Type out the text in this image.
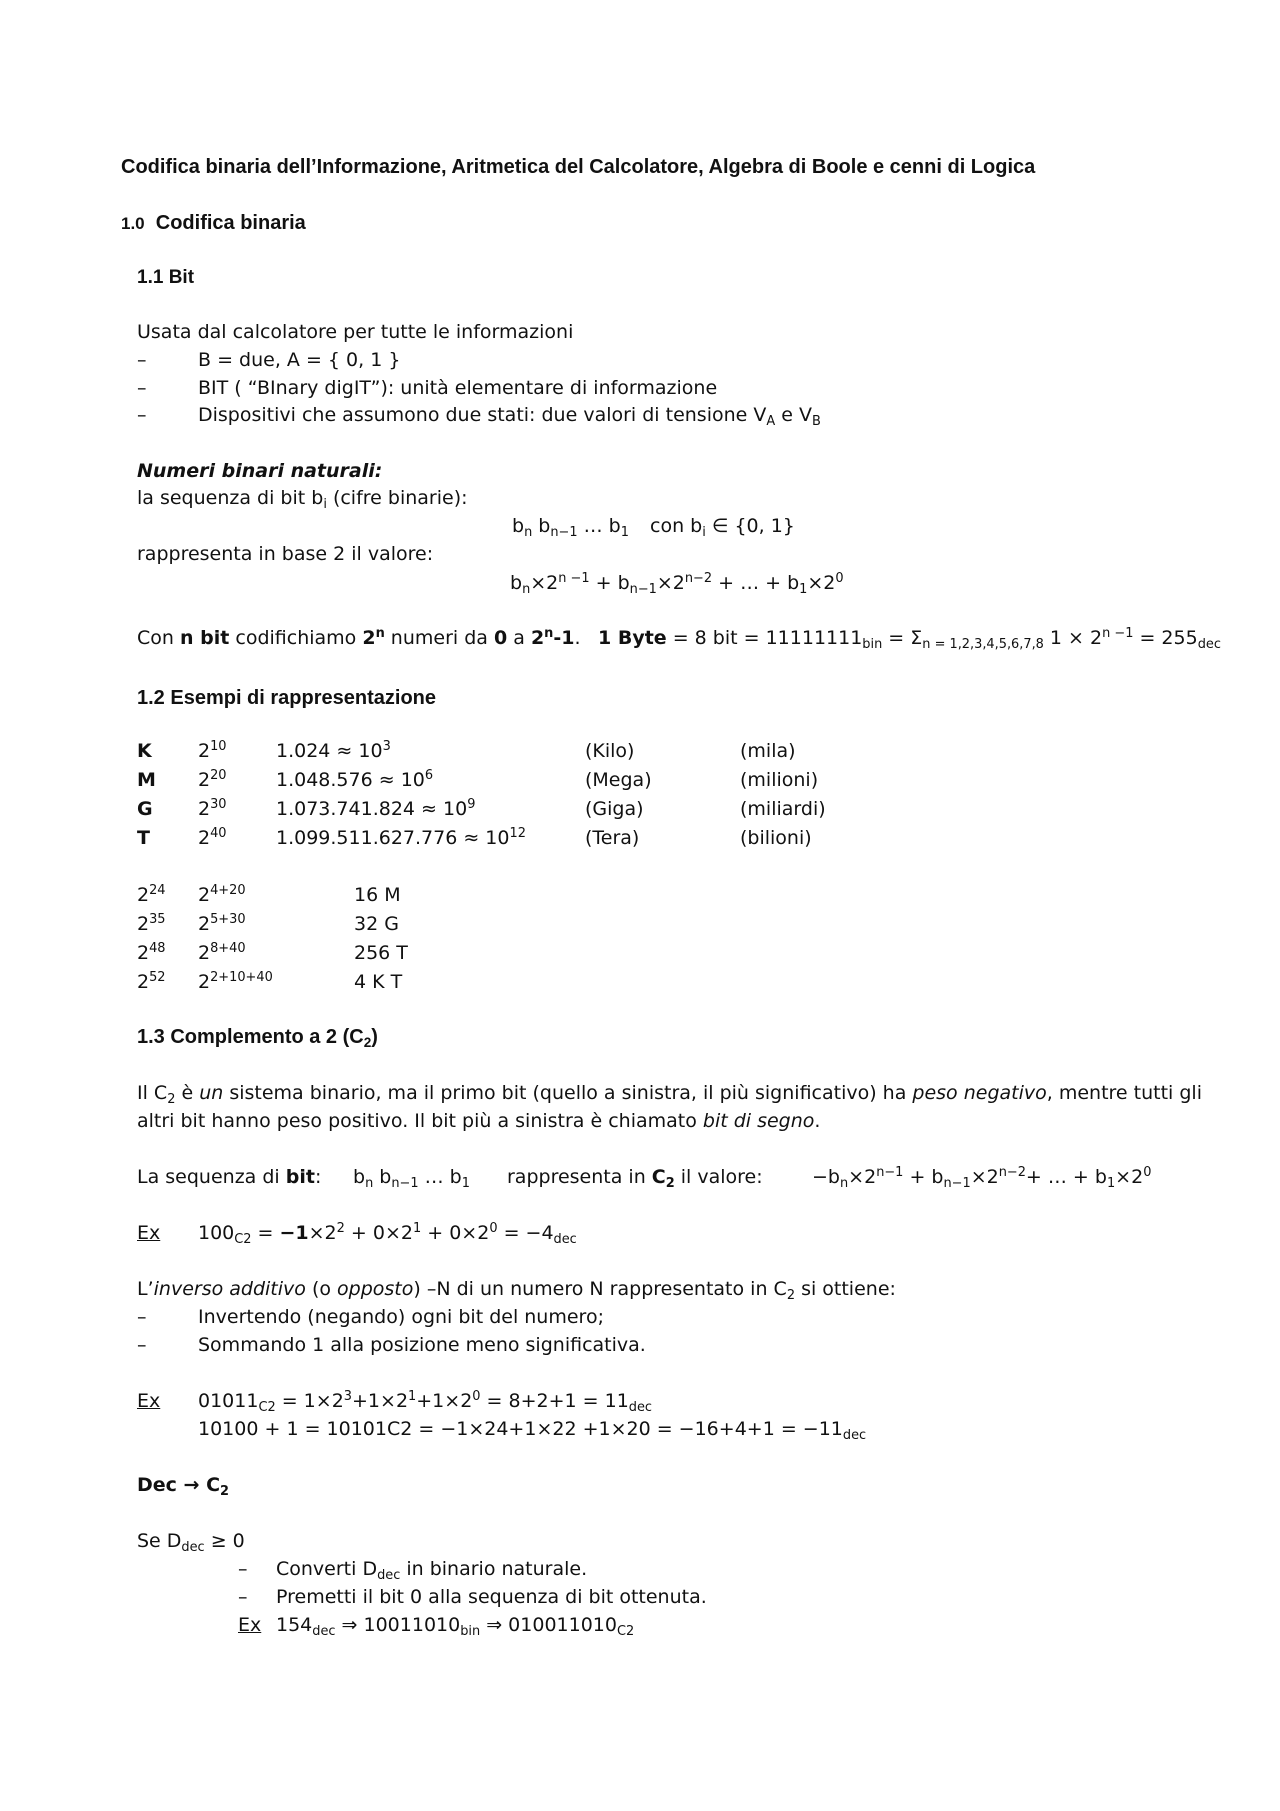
Codifica binaria dell’Informazione, Aritmetica del Calcolatore, Algebra di Boole e cenni di Logica
1.0 Codifica binaria
1.1 Bit
Usata dal calcolatore per tutte le informazioni
–	B = due, A = { 0, 1 }
–	BIT ( “BInary digIT”): unità elementare di informazione
–	Dispositivi che assumono due stati: due valori di tensione $V_A$ e $V_B$
Numeri binari naturali:
la sequenza di bit $b_i$ (cifre binarie):
$b_n$ $b_{n-1}$ … $b_1$ con $b_i$ ∈ {0, 1}
rappresenta in base 2 il valore:
$b_n\times 2^{n -1} + b_{n-1}\times 2^{n-2}$ + … + $b_1\times 2^0$
Con n bit codifichiamo 2$^n$ numeri da 0 a 2$^n$-1. 1 Byte = 8 bit = $11111111_{bin} = \Sigma_{n = 1,2,3,4,5,6,7,8}$ $1 \times 2^{n -1} = 255_{dec}$
1.2 Esempi di rappresentazione
K $2^{10}$	$1.024 \approx 10^3$	(Kilo)	(mila)
M $2^{20}$	$1.048.576 \approx 10^6$	(Mega)	(milioni)
G $2^{30}$	$1.073.741.824 \approx 10^9$	(Giga)	(miliardi)
T	$2^{40}$	$1.099.511.627.776 \approx 10^{12}$	(Tera)	(bilioni)
$2^{24}$ $2^{4+20}$	16 M
$2^{35}$ $2^{5+30}$	32 G
$2^{48}$ $2^{8+40}$	256 T
$2^{52}$ $2^{2+10+40}$	4 K T
1.3 Complemento a 2 $(C_2)$
Il $C_2$ è un sistema binario, ma il primo bit (quello a sinistra, il più significativo) ha peso negativo, mentre tutti gli
altri bit hanno peso positivo. Il bit più a sinistra è chiamato bit di segno.
La sequenza di bit: $b_n$ $b_{n-1}$ … $b_1$ rappresenta in $C_2$ il valore:	$-b_n\times 2^{n-1} + b_{n-1}\times 2^{n-2}+$ … + $b_1\times 2^0$
Ex $100_{C2} = -1\times 2^2 + 0\times 2^1 + 0\times 2^0 = -4_{dec}$
L’inverso additivo (o opposto) –N di un numero N rappresentato in $C_2$ si ottiene:
–	Invertendo (negando) ogni bit del numero;
–	Sommando 1 alla posizione meno significativa.
Ex $01011_{C2} = 1\times 2^3+1\times 2^1+1\times 2^0 = 8+2+1 = 11_{dec}$
$10100 + 1 = 10101C2 = -1\times 24+1\times 22 +1\times 20 = -16+4+1 = -11_{dec}$
Dec → $C_2$
Se $D_{dec} \ge 0$
– Converti $D_{dec}$ in binario naturale.
– Premetti il bit 0 alla sequenza di bit ottenuta.
Ex $154_{dec}$ ⇒ $10011010_{bin}$ ⇒ $010011010_{C2}$
